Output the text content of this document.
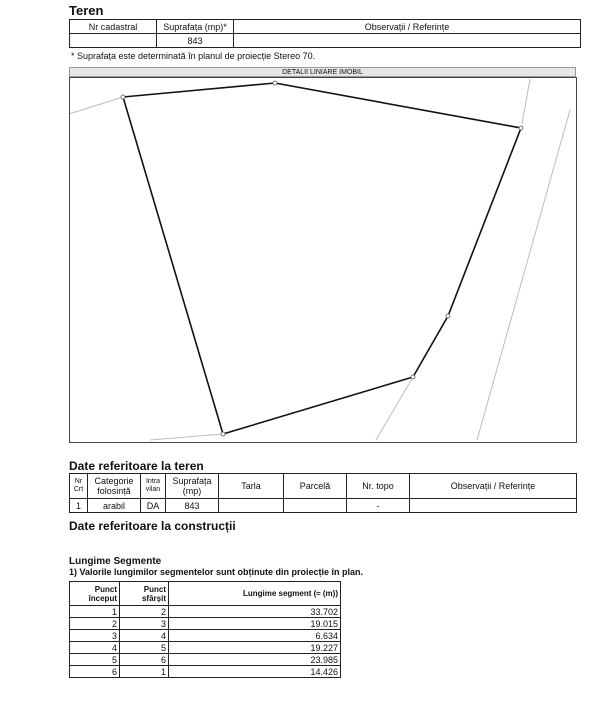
Teren
Nr cadastral	Suprafața (mp)*	Observații / Referințe
	843	
* Suprafața este determinată în planul de proiecție Stereo 70.
DETALII LINIARE IMOBIL
Date referitoare la teren
Nr Crt	Categorie folosință	Intra vilan	Suprafața (mp)	Tarla	Parcelă	Nr. topo	Observații / Referințe
1	arabil	DA	843			-	
Date referitoare la construcții
Lungime Segmente
1) Valorile lungimilor segmentelor sunt obținute din proiecție în plan.
Punct început	Punct sfârșit	Lungime segment (≈ (m))
1	2	33.702
2	3	19.015
3	4	6.634
4	5	19.227
5	6	23.985
6	1	14.426
